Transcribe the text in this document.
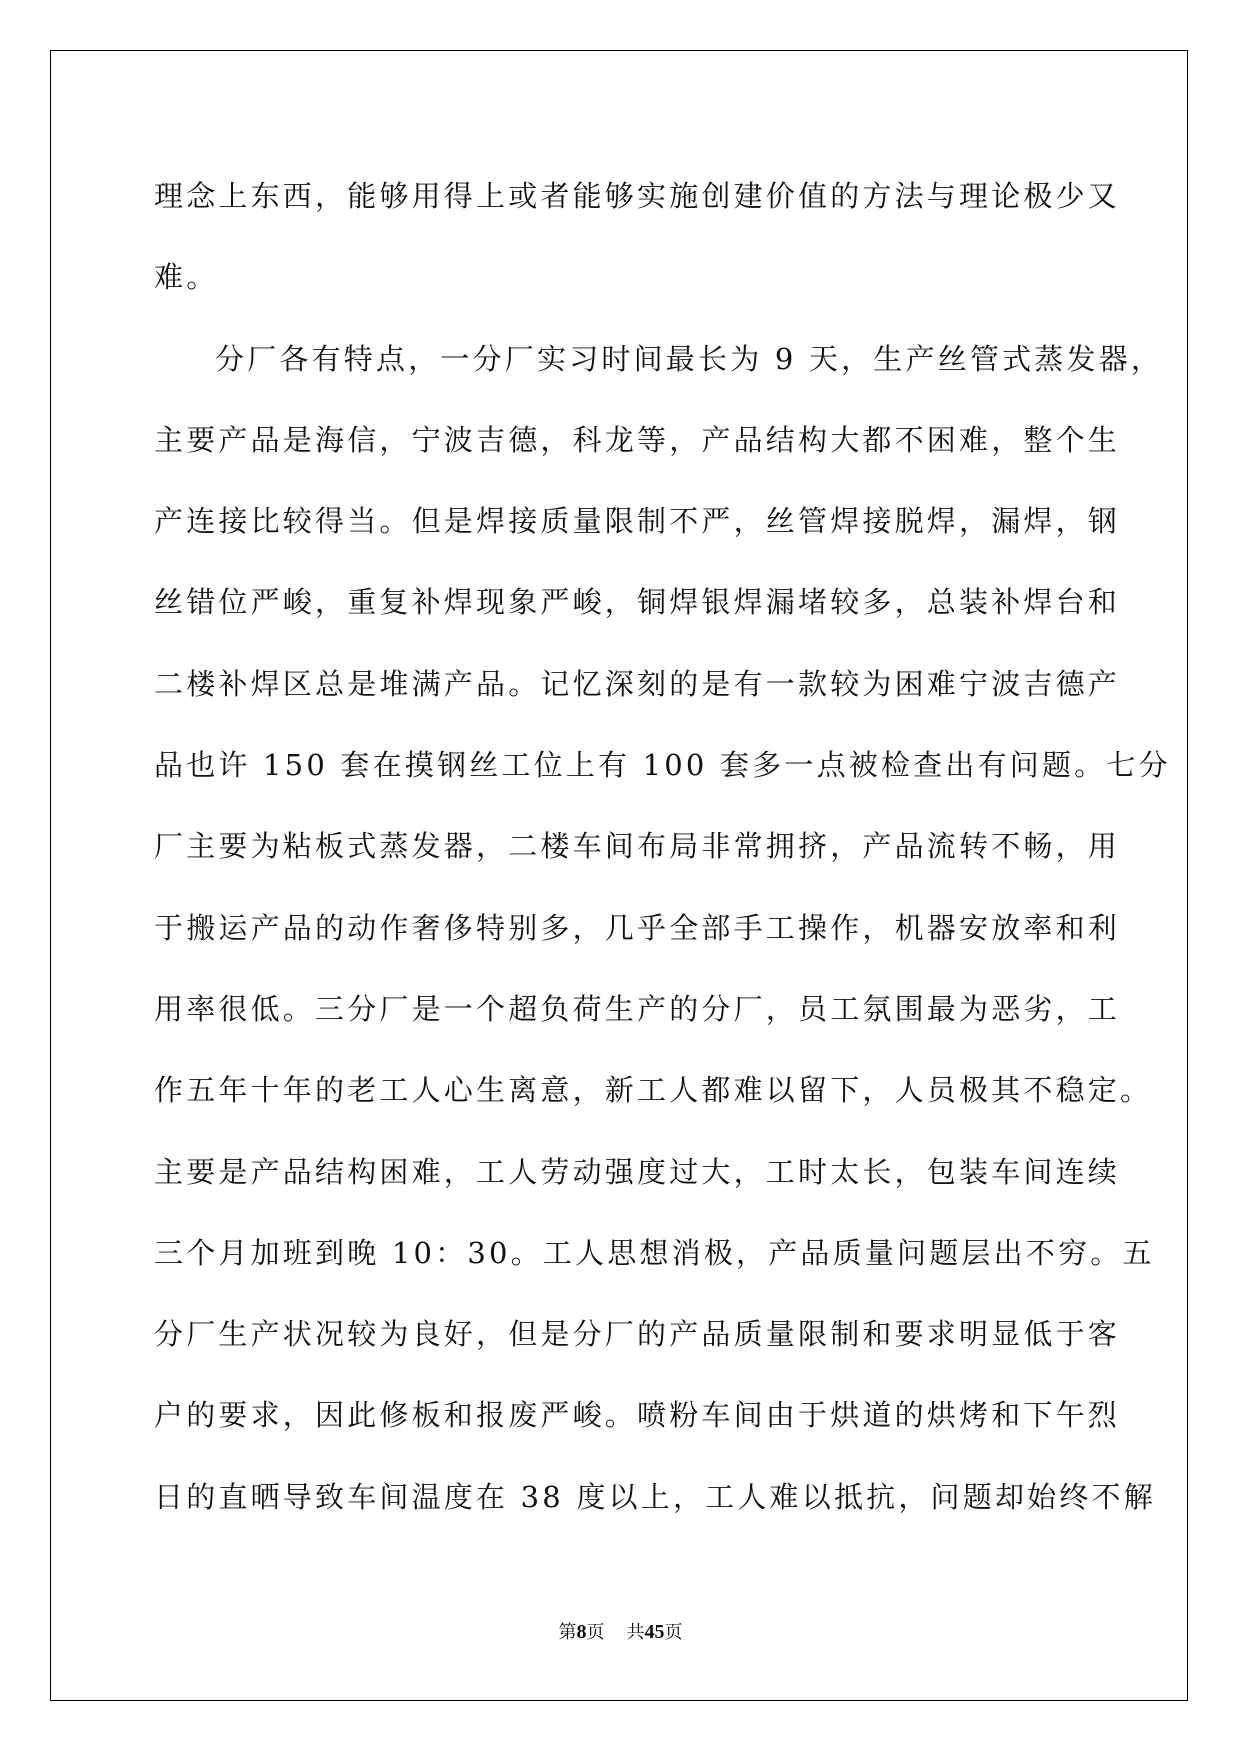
理念上东西，能够用得上或者能够实施创建价值的方法与理论极少又
难。
分厂各有特点，一分厂实习时间最长为 9 天，生产丝管式蒸发器，
主要产品是海信，宁波吉德，科龙等，产品结构大都不困难，整个生
产连接比较得当。但是焊接质量限制不严，丝管焊接脱焊，漏焊，钢
丝错位严峻，重复补焊现象严峻，铜焊银焊漏堵较多，总装补焊台和
二楼补焊区总是堆满产品。记忆深刻的是有一款较为困难宁波吉德产
品也许 150 套在摸钢丝工位上有 100 套多一点被检查出有问题。七分
厂主要为粘板式蒸发器，二楼车间布局非常拥挤，产品流转不畅，用
于搬运产品的动作奢侈特别多，几乎全部手工操作，机器安放率和利
用率很低。三分厂是一个超负荷生产的分厂，员工氛围最为恶劣，工
作五年十年的老工人心生离意，新工人都难以留下，人员极其不稳定。
主要是产品结构困难，工人劳动强度过大，工时太长，包装车间连续
三个月加班到晚 10：30。工人思想消极，产品质量问题层出不穷。五
分厂生产状况较为良好，但是分厂的产品质量限制和要求明显低于客
户的要求，因此修板和报废严峻。喷粉车间由于烘道的烘烤和下午烈
日的直晒导致车间温度在 38 度以上，工人难以抵抗，问题却始终不解
第8页 共45页
